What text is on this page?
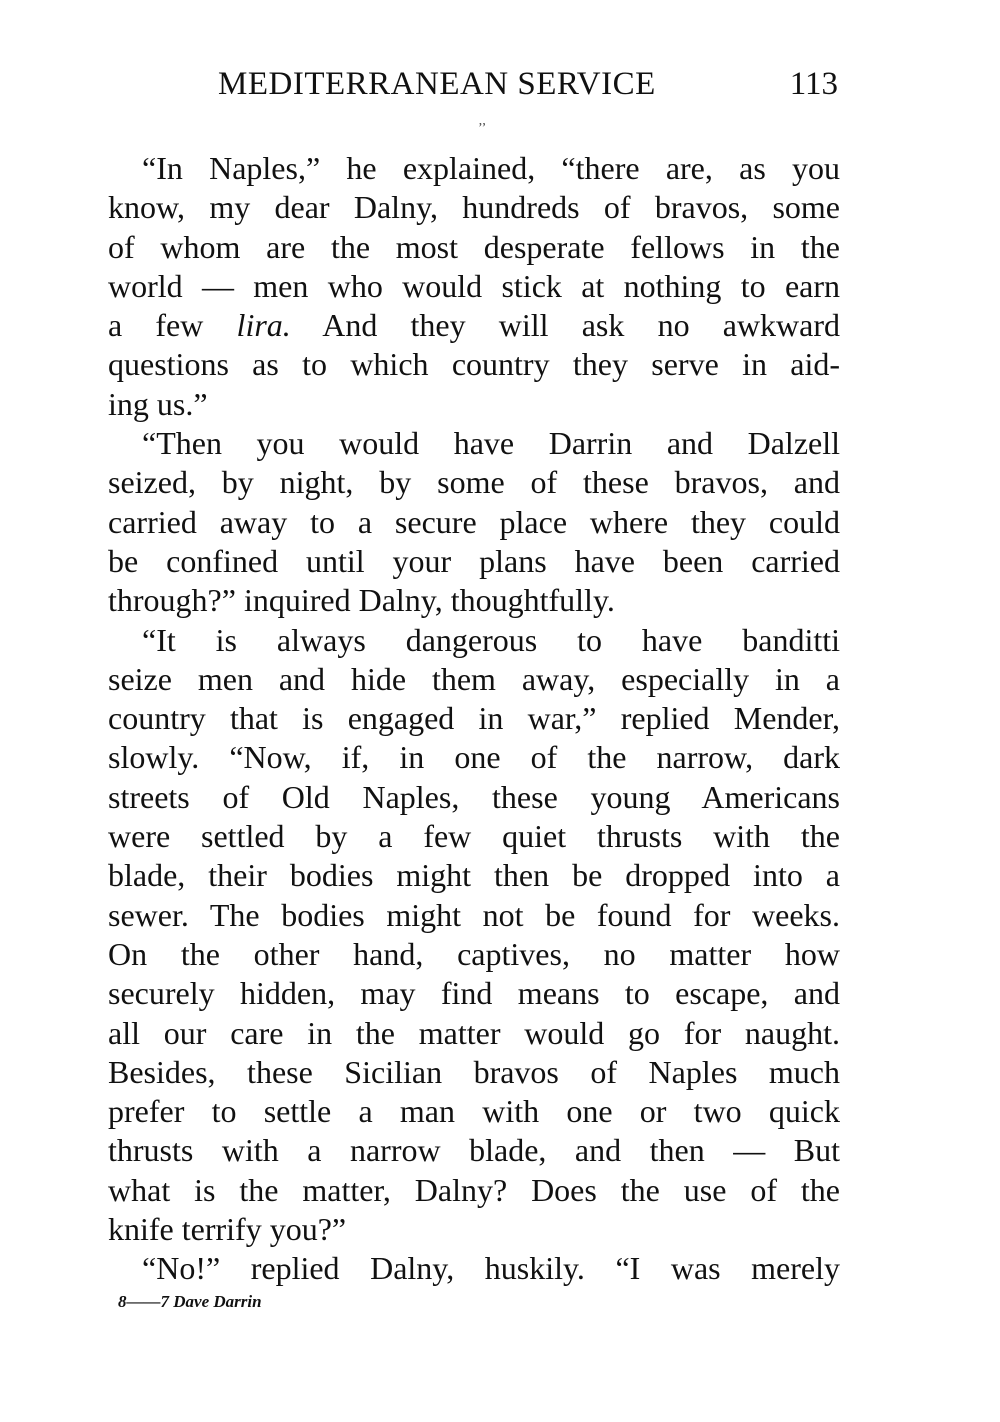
MEDITERRANEAN SERVICE	113
’’
“In Naples,” he explained, “there are, as you
know, my dear Dalny, hundreds of bravos, some
of whom are the most desperate fellows in the
world — men who would stick at nothing to earn
a few lira. And they will ask no awkward
questions as to which country they serve in aid-
ing us.”
“Then you would have Darrin and Dalzell
seized, by night, by some of these bravos, and
carried away to a secure place where they could
be confined until your plans have been carried
through?” inquired Dalny, thoughtfully.
“It is always dangerous to have banditti
seize men and hide them away, especially in a
country that is engaged in war,” replied Mender,
slowly. “Now, if, in one of the narrow, dark
streets of Old Naples, these young Americans
were settled by a few quiet thrusts with the
blade, their bodies might then be dropped into a
sewer. The bodies might not be found for weeks.
On the other hand, captives, no matter how
securely hidden, may find means to escape, and
all our care in the matter would go for naught.
Besides, these Sicilian bravos of Naples much
prefer to settle a man with one or two quick
thrusts with a narrow blade, and then — But
what is the matter, Dalny? Does the use of the
knife terrify you?”
“No!” replied Dalny, huskily. “I was merely
8——7 Dave Darrin
